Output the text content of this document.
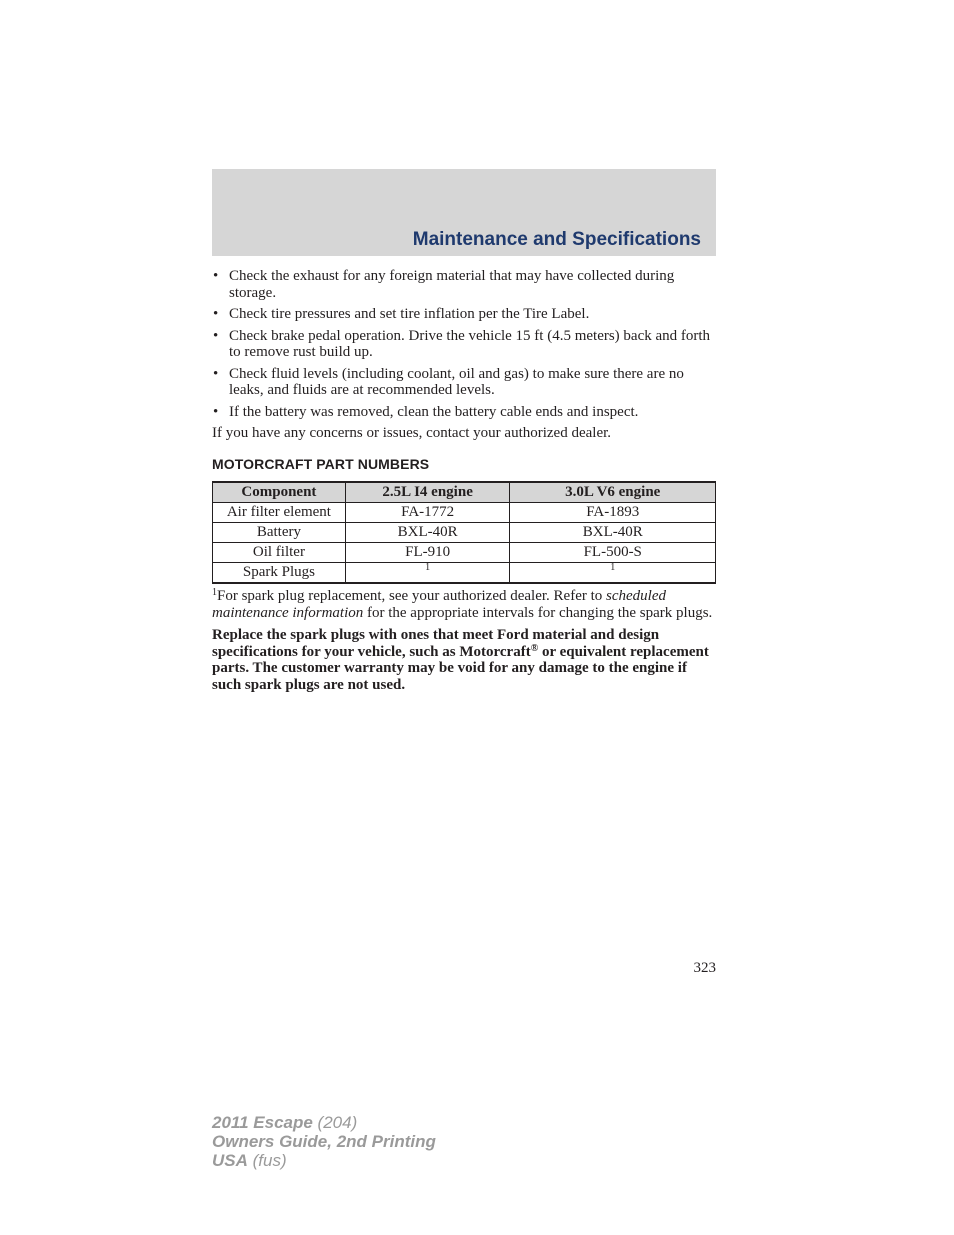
Maintenance and Specifications
• Check the exhaust for any foreign material that may have collected during storage.
• Check tire pressures and set tire inflation per the Tire Label.
• Check brake pedal operation. Drive the vehicle 15 ft (4.5 meters) back and forth to remove rust build up.
• Check fluid levels (including coolant, oil and gas) to make sure there are no leaks, and fluids are at recommended levels.
• If the battery was removed, clean the battery cable ends and inspect.

If you have any concerns or issues, contact your authorized dealer.

MOTORCRAFT PART NUMBERS
Component	2.5L I4 engine	3.0L V6 engine
Air filter element	FA-1772	FA-1893
Battery	BXL-40R	BXL-40R
Oil filter	FL-910	FL-500-S
Spark Plugs	1	1

$^1$For spark plug replacement, see your authorized dealer. Refer to scheduled maintenance information for the appropriate intervals for changing the spark plugs.

Replace the spark plugs with ones that meet Ford material and design specifications for your vehicle, such as Motorcraft® or equivalent replacement parts. The customer warranty may be void for any damage to the engine if such spark plugs are not used.

323
2011 Escape (204)
Owners Guide, 2nd Printing
USA (fus)
